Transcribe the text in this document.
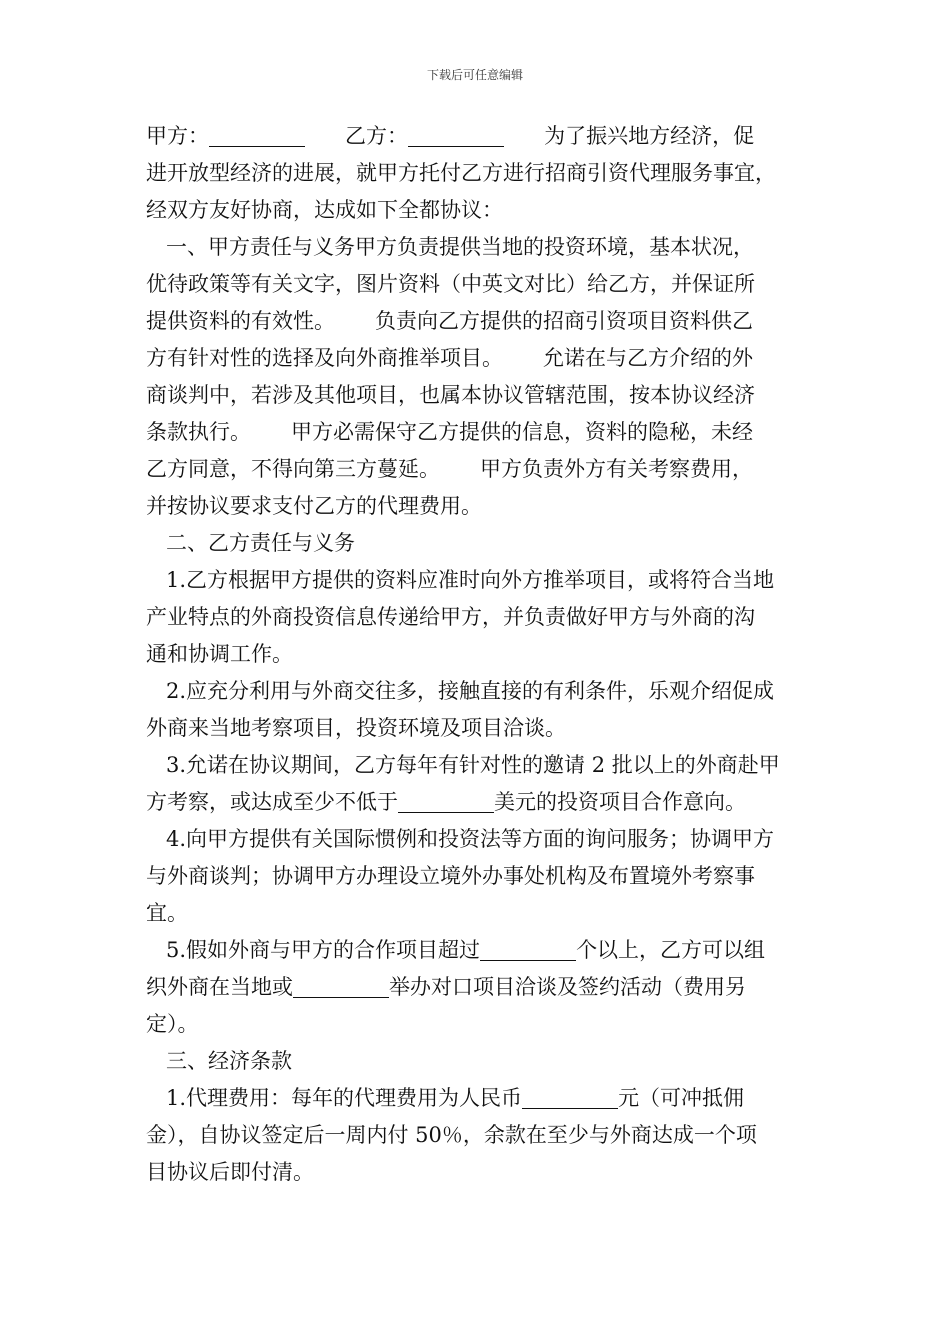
下载后可任意编辑
甲方：	乙方：	为了振兴地方经济，促
进开放型经济的进展，就甲方托付乙方进行招商引资代理服务事宜，
经双方友好协商，达成如下全都协议：
一、甲方责任与义务甲方负责提供当地的投资环境，基本状况，
优待政策等有关文字，图片资料（中英文对比）给乙方，并保证所
提供资料的有效性。      负责向乙方提供的招商引资项目资料供乙
方有针对性的选择及向外商推举项目。      允诺在与乙方介绍的外
商谈判中，若涉及其他项目，也属本协议管辖范围，按本协议经济
条款执行。      甲方必需保守乙方提供的信息，资料的隐秘，未经
乙方同意，不得向第三方蔓延。      甲方负责外方有关考察费用，
并按协议要求支付乙方的代理费用。
二、乙方责任与义务
1.乙方根据甲方提供的资料应准时向外方推举项目，或将符合当地
产业特点的外商投资信息传递给甲方，并负责做好甲方与外商的沟
通和协调工作。
2.应充分利用与外商交往多，接触直接的有利条件，乐观介绍促成
外商来当地考察项目，投资环境及项目洽谈。
3.允诺在协议期间，乙方每年有针对性的邀请 2 批以上的外商赴甲
方考察，或达成至少不低于	美元的投资项目合作意向。
4.向甲方提供有关国际惯例和投资法等方面的询问服务；协调甲方
与外商谈判；协调甲方办理设立境外办事处机构及布置境外考察事
宜。
5.假如外商与甲方的合作项目超过	个以上，乙方可以组
织外商在当地或	举办对口项目洽谈及签约活动（费用另
定）。
三、经济条款
1.代理费用：每年的代理费用为人民币	元（可冲抵佣
金），自协议签定后一周内付 50％，余款在至少与外商达成一个项
目协议后即付清。
